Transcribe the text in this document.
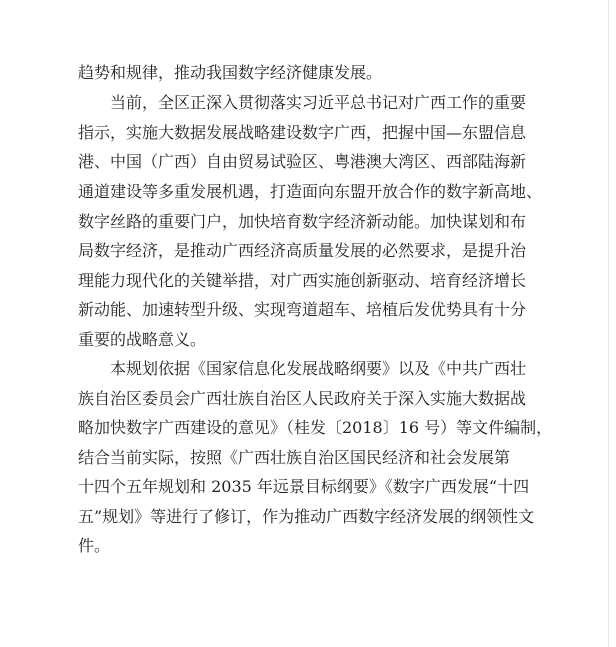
趋势和规律，推动我国数字经济健康发展。
当前，全区正深入贯彻落实习近平总书记对广西工作的重要
指示，实施大数据发展战略建设数字广西，把握中国—东盟信息
港、中国（广西）自由贸易试验区、粤港澳大湾区、西部陆海新
通道建设等多重发展机遇，打造面向东盟开放合作的数字新高地、
数字丝路的重要门户，加快培育数字经济新动能。加快谋划和布
局数字经济，是推动广西经济高质量发展的必然要求，是提升治
理能力现代化的关键举措，对广西实施创新驱动、培育经济增长
新动能、加速转型升级、实现弯道超车、培植后发优势具有十分
重要的战略意义。
本规划依据《国家信息化发展战略纲要》以及《中共广西壮
族自治区委员会广西壮族自治区人民政府关于深入实施大数据战
略加快数字广西建设的意见》（桂发〔2018〕16 号）等文件编制，
结合当前实际，按照《广西壮族自治区国民经济和社会发展第
十四个五年规划和 2035 年远景目标纲要》《数字广西发展“十四
五”规划》等进行了修订，作为推动广西数字经济发展的纲领性文
件。
